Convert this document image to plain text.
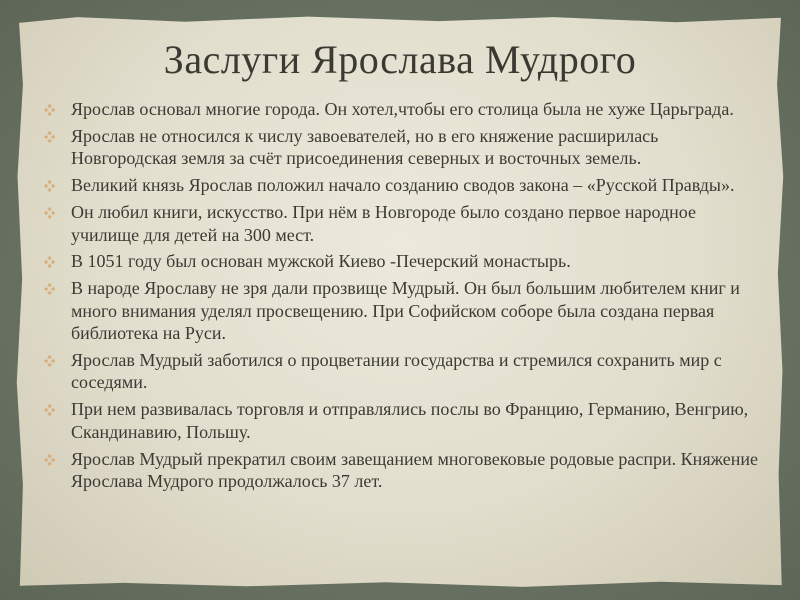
Заслуги Ярослава Мудрого
Ярослав основал многие города. Он хотел,чтобы его столица была не хуже Царьграда.
Ярослав не относился к числу завоевателей, но в его княжение расширилась Новгородская земля за счёт присоединения северных и восточных земель.
Великий князь Ярослав положил начало созданию сводов закона – «Русской Правды».
Он любил книги, искусство. При нём в Новгороде было создано первое народное училище для детей на 300 мест.
В 1051 году был основан мужской Киево -Печерский монастырь.
В народе Ярославу не зря дали прозвище Мудрый. Он был большим любителем книг и много внимания уделял просвещению. При Софийском соборе была создана первая библиотека на Руси.
Ярослав Мудрый заботился о процветании государства и стремился сохранить мир с соседями.
При нем развивалась торговля и отправлялись послы во Францию, Германию, Венгрию, Скандинавию, Польшу.
Ярослав Мудрый прекратил своим завещанием многовековые родовые распри. Княжение Ярослава Мудрого продолжалось 37 лет.
